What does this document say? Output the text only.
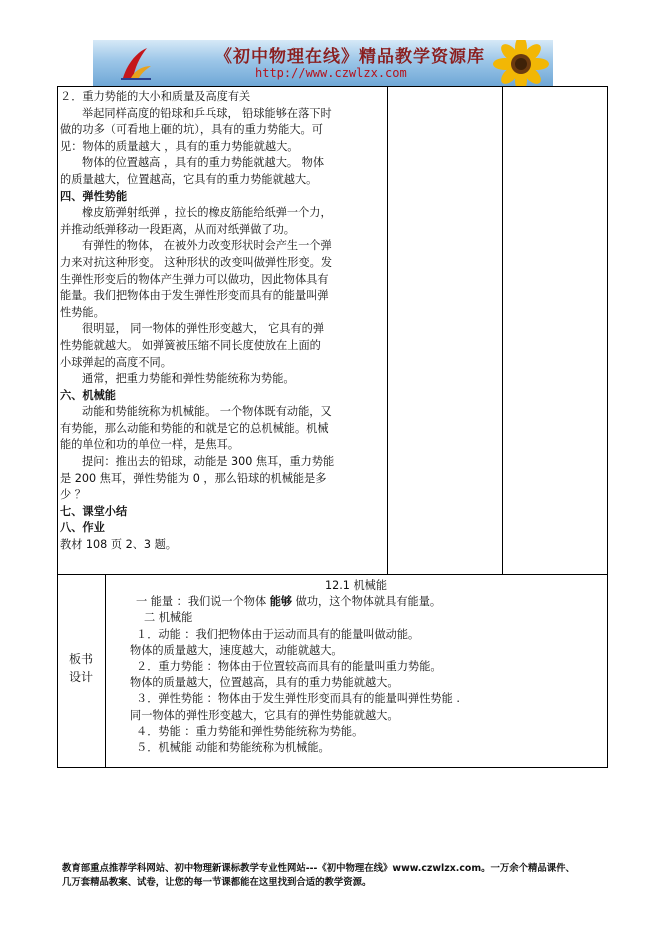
《初中物理在线》精品教学资源库
http://www.czwlzx.com

２．重力势能的大小和质量及高度有关

举起同样高度的铅球和乒乓球， 铅球能够在落下时

做的功多（可看地上砸的坑），具有的重力势能大。可

见：物体的质量越大 ，具有的重力势能就越大。

物体的位置越高 ，具有的重力势能就越大。 物体

的质量越大，位置越高，它具有的重力势能就越大。

四、弹性势能

橡皮筋弹射纸弹 ，拉长的橡皮筋能给纸弹一个力，

并推动纸弹移动一段距离，从而对纸弹做了功。

有弹性的物体， 在被外力改变形状时会产生一个弹

力来对抗这种形变。 这种形状的改变叫做弹性形变。发

生弹性形变后的物体产生弹力可以做功，因此物体具有

能量。我们把物体由于发生弹性形变而具有的能量叫弹

性势能。

很明显， 同一物体的弹性形变越大， 它具有的弹

性势能就越大。 如弹簧被压缩不同长度使放在上面的

小球弹起的高度不同。

通常，把重力势能和弹性势能统称为势能。

六、机械能

动能和势能统称为机械能。 一个物体既有动能，又

有势能，那么动能和势能的和就是它的总机械能。机械

能的单位和功的单位一样，是焦耳。

提问：推出去的铅球，动能是 300 焦耳，重力势能

是 200 焦耳，弹性势能为 0 ，那么铅球的机械能是多

少 ？

七、课堂小结

八、作业

教材 108 页 2、3 题。

板书
设计

12.1 机械能

一 能量 ：我们说一个物体 能够 做功，这个物体就具有能量。

二 机械能

１．动能 ：我们把物体由于运动而具有的能量叫做动能。

物体的质量越大，速度越大，动能就越大。

２．重力势能 ：物体由于位置较高而具有的能量叫重力势能。

物体的质量越大，位置越高，具有的重力势能就越大。

３．弹性势能 ：物体由于发生弹性形变而具有的能量叫弹性势能 .

同一物体的弹性形变越大，它具有的弹性势能就越大。

４．势能 ：重力势能和弹性势能统称为势能。

５．机械能 动能和势能统称为机械能。

教育部重点推荐学科网站、初中物理新课标教学专业性网站---《初中物理在线》www.czwlzx.com。一万余个精品课件、

几万套精品教案、试卷，让您的每一节课都能在这里找到合适的教学资源。
